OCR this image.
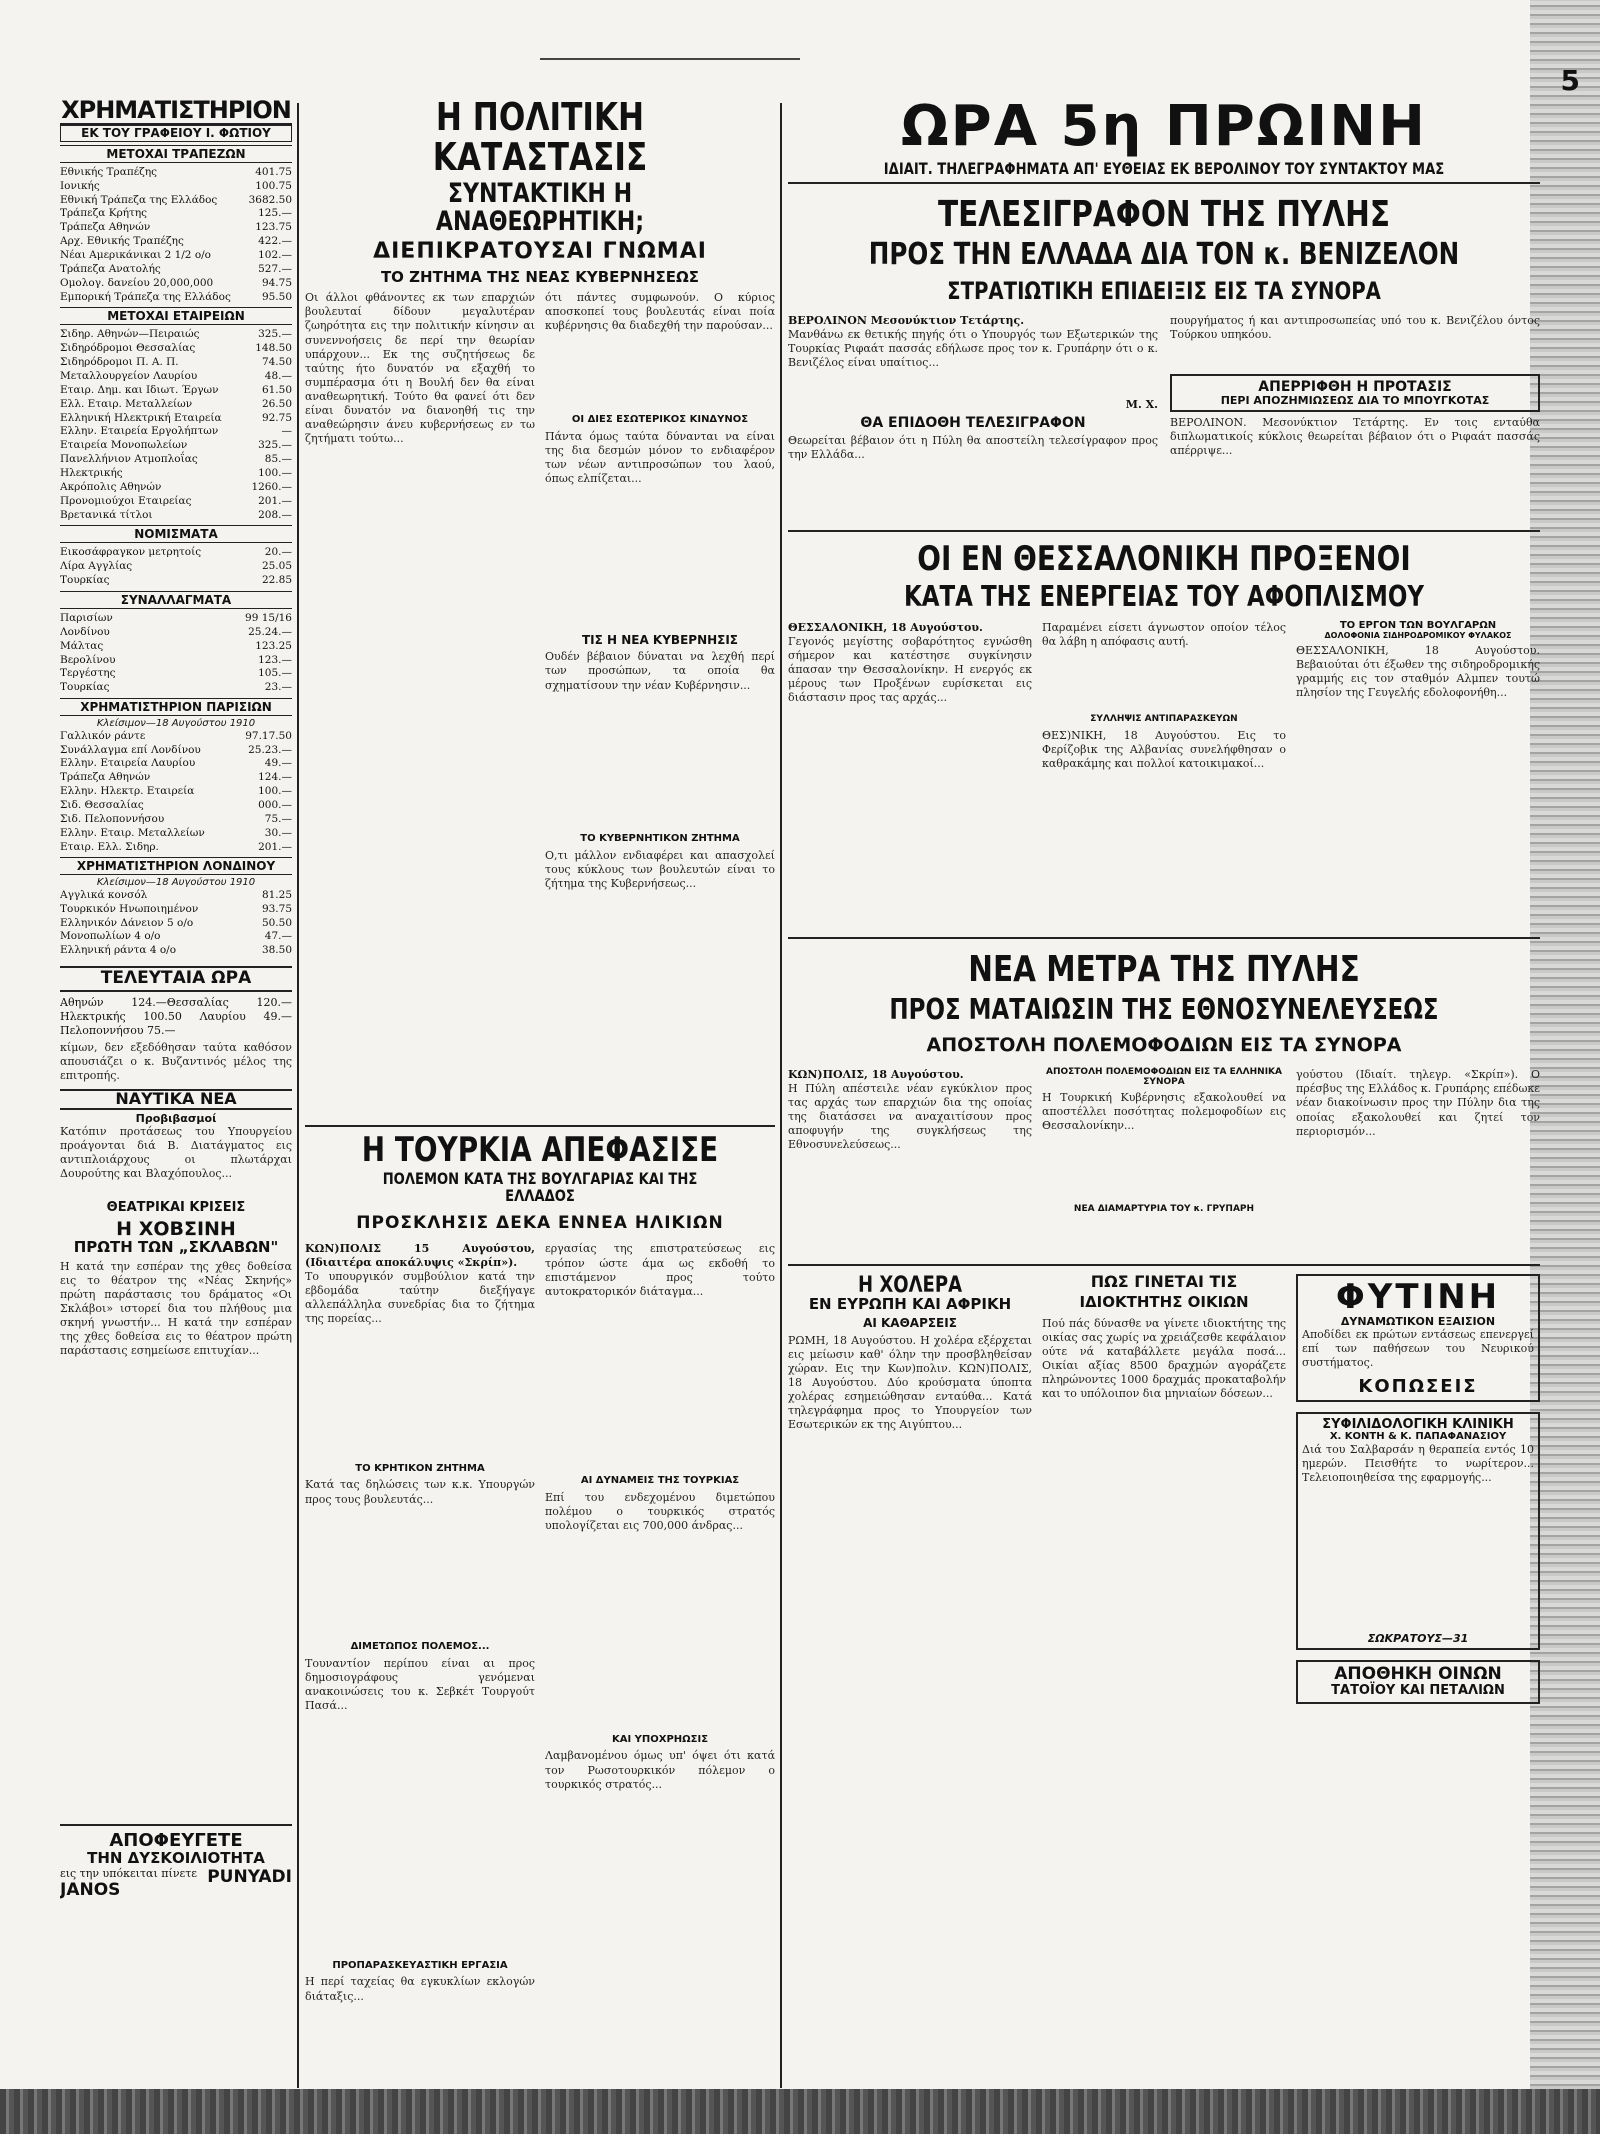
5
ΧΡΗΜΑΤΙΣΤΗΡΙΟΝ
ΕΚ ΤΟΥ ΓΡΑΦΕΙΟΥ Ι. ΦΩΤΙΟΥ
ΜΕΤΟΧΑΙ ΤΡΑΠΕΖΩΝ
Εθνικής Τραπέζης	401.75
Ιονικής	100.75
Εθνική Τράπεζα της Ελλάδος	3682.50
Τράπεζα Κρήτης	125.—
Τράπεζα Αθηνών	123.75
Αρχ. Εθνικής Τραπέζης	422.—
Νέαι Αμερικάνικαι 2 1/2 ο/ο	102.—
Τράπεζα Ανατολής	527.—
Ομολογ. δανείου 20,000,000	94.75
Εμπορική Τράπεζα της Ελλάδος	95.50
ΜΕΤΟΧΑΙ ΕΤΑΙΡΕΙΩΝ
Σιδηρ. Αθηνών—Πειραιώς	325.—
Σιδηρόδρομοι Θεσσαλίας	148.50
Σιδηρόδρομοι Π. Α. Π.	74.50
Μεταλλουργείον Λαυρίου	48.—
Εταιρ. Δημ. και Ιδιωτ. Έργων	61.50
Ελλ. Εταιρ. Μεταλλείων	26.50
Ελληνική Ηλεκτρική Εταιρεία	92.75
Ελλην. Εταιρεία Εργολήπτων	—
Εταιρεία Μονοπωλείων	325.—
Πανελλήνιον Ατμοπλοΐας	85.—
Ηλεκτρικής	100.—
Ακρόπολις Αθηνών	1260.—
Προνομιούχοι Εταιρείας	201.—
Βρετανικά τίτλοι	208.—
ΝΟΜΙΣΜΑΤΑ
Εικοσάφραγκον μετρητοίς	20.—
Λίρα Αγγλίας	25.05
Τουρκίας	22.85
ΣΥΝΑΛΛΑΓΜΑΤΑ
Παρισίων	99 15/16
Λονδίνου	25.24.—
Μάλτας	123.25
Βερολίνου	123.—
Τεργέστης	105.—
Τουρκίας	23.—
ΧΡΗΜΑΤΙΣΤΗΡΙΟΝ ΠΑΡΙΣΙΩΝ
Κλείσιμον—18 Αυγούστου 1910
Γαλλικόν ράντε	97.17.50
Συνάλλαγμα επί Λονδίνου	25.23.—
Ελλην. Εταιρεία Λαυρίου	49.—
Τράπεζα Αθηνών	124.—
Ελλην. Ηλεκτρ. Εταιρεία	100.—
Σιδ. Θεσσαλίας	000.—
Σιδ. Πελοποννήσου	75.—
Ελλην. Εταιρ. Μεταλλείων	30.—
Εταιρ. Ελλ. Σιδηρ.	201.—
ΧΡΗΜΑΤΙΣΤΗΡΙΟΝ ΛΟΝΔΙΝΟΥ
Κλείσιμον—18 Αυγούστου 1910
Αγγλικά κονσόλ	81.25
Τουρκικόν Ηνωποιημένον	93.75
Ελληνικόν Δάνειον 5 ο/ο	50.50
Μονοπωλίων 4 ο/ο	47.—
Ελληνική ράντα 4 ο/ο	38.50
ΤΕΛΕΥΤΑΙΑ ΩΡΑ
Αθηνών 124.—Θεσσαλίας 120.—Ηλεκτρικής 100.50 Λαυρίου 49.— Πελοποννήσου 75.—
κίμων, δεν εξεδόθησαν ταύτα καθόσον απουσιάζει ο κ. Βυζαντινός μέλος της επιτροπής.
ΝΑΥΤΙΚΑ ΝΕΑ
Προβιβασμοί
Κατόπιν προτάσεως του Υπουργείου προάγονται διά Β. Διατάγματος εις αντιπλοιάρχους οι πλωτάρχαι Δουρούτης και Βλαχόπουλος...
ΘΕΑΤΡΙΚΑΙ ΚΡΙΣΕΙΣ
Η ΧΟΒΣΙΝΗ
ΠΡΩΤΗ ΤΩΝ „ΣΚΛΑΒΩΝ"
Η κατά την εσπέραν της χθες δοθείσα εις το θέατρον της «Νέας Σκηνής» πρώτη παράστασις του δράματος «Οι Σκλάβοι» ιστορεί δια του πλήθους μια σκηνή γνωστήν... Η κατά την εσπέραν της χθες δοθείσα εις το θέατρον πρώτη παράστασις εσημείωσε επιτυχίαν...
ΑΠΟΦΕΥΓΕΤΕ
ΤΗΝ ΔΥΣΚΟΙΛΙΟΤΗΤΑ
PUNYADI
εις την υπόκειται πίνετε
JANOS
Η ΠΟΛΙΤΙΚΗ ΚΑΤΑΣΤΑΣΙΣ
ΣΥΝΤΑΚΤΙΚΗ Η ΑΝΑΘΕΩΡΗΤΙΚΗ;
ΔΙΕΠΙΚΡΑΤΟΥΣΑΙ ΓΝΩΜΑΙ
ΤΟ ΖΗΤΗΜΑ ΤΗΣ ΝΕΑΣ ΚΥΒΕΡΝΗΣΕΩΣ
Οι άλλοι φθάνοντες εκ των επαρχιών βουλευταί δίδουν μεγαλυτέραν ζωηρότητα εις την πολιτικήν κίνησιν αι συνεννοήσεις δε περί την θεωρίαν υπάρχουν... Εκ της συζητήσεως δε ταύτης ήτο δυνατόν να εξαχθή το συμπέρασμα ότι η Βουλή δεν θα είναι αναθεωρητική. Τούτο θα φανεί ότι δεν είναι δυνατόν να διανοηθή τις την αναθεώρησιν άνευ κυβερνήσεως εν τω ζητήματι τούτω...
ότι πάντες συμφωνούν. Ο κύριος αποσκοπεί τους βουλευτάς είναι ποία κυβέρνησις θα διαδεχθή την παρούσαν...
ΟΙ ΔΙΕΣ ΕΣΩΤΕΡΙΚΟΣ ΚΙΝΔΥΝΟΣ
Πάντα όμως ταύτα δύνανται να είναι της δια δεσμών μόνον το ενδιαφέρον των νέων αντιπροσώπων του λαού, όπως ελπίζεται...
ΤΙΣ Η ΝΕΑ ΚΥΒΕΡΝΗΣΙΣ
Ουδέν βέβαιον δύναται να λεχθή περί των προσώπων, τα οποία θα σχηματίσουν την νέαν Κυβέρνησιν...
ΤΟ ΚΥΒΕΡΝΗΤΙΚΟΝ ΖΗΤΗΜΑ
Ο,τι μάλλον ενδιαφέρει και απασχολεί τους κύκλους των βουλευτών είναι το ζήτημα της Κυβερνήσεως...
Η ΤΟΥΡΚΙΑ ΑΠΕΦΑΣΙΣΕ
ΠΟΛΕΜΟΝ ΚΑΤΑ ΤΗΣ ΒΟΥΛΓΑΡΙΑΣ ΚΑΙ ΤΗΣ ΕΛΛΑΔΟΣ
ΠΡΟΣΚΛΗΣΙΣ ΔΕΚΑ ΕΝΝΕΑ ΗΛΙΚΙΩΝ
ΚΩΝ)ΠΟΛΙΣ 15 Αυγούστου, (Ιδιαιτέρα αποκάλυψις «Σκρίπ»).
Το υπουργικόν συμβούλιον κατά την εβδομάδα ταύτην διεξήγαγε αλλεπάλληλα συνεδρίας δια το ζήτημα της πορείας...
ΤΟ ΚΡΗΤΙΚΟΝ ΖΗΤΗΜΑ
Κατά τας δηλώσεις των κ.κ. Υπουργών προς τους βουλευτάς...
ΔΙΜΕΤΩΠΟΣ ΠΟΛΕΜΟΣ...
Τουναντίον περίπου είναι αι προς δημοσιογράφους γενόμεναι ανακοινώσεις του κ. Σεβκέτ Τουργούτ Πασά...
ΠΡΟΠΑΡΑΣΚΕΥΑΣΤΙΚΗ ΕΡΓΑΣΙΑ
Η περί ταχείας θα εγκυκλίων εκλογών διάταξις...
εργασίας της επιστρατεύσεως εις τρόπον ώστε άμα ως εκδοθή το επιστάμενον προς τούτο αυτοκρατορικόν διάταγμα...
ΑΙ ΔΥΝΑΜΕΙΣ ΤΗΣ ΤΟΥΡΚΙΑΣ
Επί του ενδεχομένου διμετώπου πολέμου ο τουρκικός στρατός υπολογίζεται εις 700,000 άνδρας...
ΚΑΙ ΥΠΟΧΡΗΩΣΙΣ
Λαμβανομένου όμως υπ' όψει ότι κατά τον Ρωσοτουρκικόν πόλεμον ο τουρκικός στρατός...
ΩΡΑ 5η ΠΡΩΙΝΗ
ΙΔΙΑΙΤ. ΤΗΛΕΓΡΑΦΗΜΑΤΑ ΑΠ' ΕΥΘΕΙΑΣ ΕΚ ΒΕΡΟΛΙΝΟΥ ΤΟΥ ΣΥΝΤΑΚΤΟΥ ΜΑΣ
ΤΕΛΕΣΙΓΡΑΦΟΝ ΤΗΣ ΠΥΛΗΣ
ΠΡΟΣ ΤΗΝ ΕΛΛΑΔΑ ΔΙΑ ΤΟΝ κ. ΒΕΝΙΖΕΛΟΝ
ΣΤΡΑΤΙΩΤΙΚΗ ΕΠΙΔΕΙΞΙΣ ΕΙΣ ΤΑ ΣΥΝΟΡΑ
ΒΕΡΟΛΙΝΟΝ Μεσονύκτιον Τετάρτης.
Μανθάνω εκ θετικής πηγής ότι ο Υπουργός των Εξωτερικών της Τουρκίας Ριφαάτ πασσάς εδήλωσε προς τον κ. Γρυπάρην ότι ο κ. Βενιζέλος είναι υπαίτιος...
Μ. Χ.
ΘΑ ΕΠΙΔΟΘΗ ΤΕΛΕΣΙΓΡΑΦΟΝ
Θεωρείται βέβαιον ότι η Πύλη θα αποστείλη τελεσίγραφον προς την Ελλάδα...
πουργήματος ή και αντιπροσωπείας υπό του κ. Βενιζέλου όντος Τούρκου υπηκόου.
ΑΠΕΡΡΙΦΘΗ Η ΠΡΟΤΑΣΙΣ
ΠΕΡΙ ΑΠΟΖΗΜΙΩΣΕΩΣ ΔΙΑ ΤΟ ΜΠΟΥΓΚΟΤΑΣ
ΒΕΡΟΛΙΝΟΝ. Μεσονύκτιον Τετάρτης. Εν τοις ενταύθα διπλωματικοίς κύκλοις θεωρείται βέβαιον ότι ο Ριφαάτ πασσάς απέρριψε...
ΟΙ ΕΝ ΘΕΣΣΑΛΟΝΙΚΗ ΠΡΟΞΕΝΟΙ
ΚΑΤΑ ΤΗΣ ΕΝΕΡΓΕΙΑΣ ΤΟΥ ΑΦΟΠΛΙΣΜΟΥ
ΘΕΣΣΑΛΟΝΙΚΗ, 18 Αυγούστου.
Γεγονός μεγίστης σοβαρότητος εγνώσθη σήμερον και κατέστησε συγκίνησιν άπασαν την Θεσσαλονίκην. Η ενεργός εκ μέρους των Προξένων ευρίσκεται εις διάστασιν προς τας αρχάς...
Παραμένει είσετι άγνωστον οποίον τέλος θα λάβη η απόφασις αυτή.
ΣΥΛΛΗΨΙΣ ΑΝΤΙΠΑΡΑΣΚΕΥΩΝ
ΘΕΣ)ΝΙΚΗ, 18 Αυγούστου. Εις το Φερίζοβικ της Αλβανίας συνελήφθησαν ο καθρακάμης και πολλοί κατοικιμακοί...
ΤΟ ΕΡΓΟΝ ΤΩΝ ΒΟΥΛΓΑΡΩΝ
ΔΟΛΟΦΟΝΙΑ ΣΙΔΗΡΟΔΡΟΜΙΚΟΥ ΦΥΛΑΚΟΣ
ΘΕΣΣΑΛΟΝΙΚΗ, 18 Αυγούστου. Βεβαιούται ότι έξωθεν της σιδηροδρομικής γραμμής εις τον σταθμόν Αλμπεν τουτώ πλησίον της Γευγελής εδολοφονήθη...
ΝΕΑ ΜΕΤΡΑ ΤΗΣ ΠΥΛΗΣ
ΠΡΟΣ ΜΑΤΑΙΩΣΙΝ ΤΗΣ ΕΘΝΟΣΥΝΕΛΕΥΣΕΩΣ
ΑΠΟΣΤΟΛΗ ΠΟΛΕΜΟΦΟΔΙΩΝ ΕΙΣ ΤΑ ΣΥΝΟΡΑ
ΚΩΝ)ΠΟΛΙΣ, 18 Αυγούστου.
Η Πύλη απέστειλε νέαν εγκύκλιον προς τας αρχάς των επαρχιών δια της οποίας της διατάσσει να αναχαιτίσουν προς αποφυγήν της συγκλήσεως της Εθνοσυνελεύσεως...
ΑΠΟΣΤΟΛΗ ΠΟΛΕΜΟΦΟΔΙΩΝ ΕΙΣ ΤΑ ΕΛΛΗΝΙΚΑ ΣΥΝΟΡΑ
Η Τουρκική Κυβέρνησις εξακολουθεί να αποστέλλει ποσότητας πολεμοφοδίων εις Θεσσαλονίκην...
ΝΕΑ ΔΙΑΜΑΡΤΥΡΙΑ ΤΟΥ κ. ΓΡΥΠΑΡΗ
γούστου (Ιδιαίτ. τηλεγρ. «Σκρίπ»). Ο πρέσβυς της Ελλάδος κ. Γρυπάρης επέδωκε νέαν διακοίνωσιν προς την Πύλην δια της οποίας εξακολουθεί και ζητεί τον περιορισμόν...
Η ΧΟΛΕΡΑ
ΕΝ ΕΥΡΩΠΗ ΚΑΙ ΑΦΡΙΚΗ
ΑΙ ΚΑΘΑΡΣΕΙΣ
ΡΩΜΗ, 18 Αυγούστου. Η χολέρα εξέρχεται εις μείωσιν καθ' όλην την προσβληθείσαν χώραν. Εις την Κων)πολιν. ΚΩΝ)ΠΟΛΙΣ, 18 Αυγούστου. Δύο κρούσματα ύποπτα χολέρας εσημειώθησαν ενταύθα... Κατά τηλεγράφημα προς το Υπουργείον των Εσωτερικών εκ της Αιγύπτου...
ΠΩΣ ΓΙΝΕΤΑΙ ΤΙΣ
ΙΔΙΟΚΤΗΤΗΣ ΟΙΚΙΩΝ
Πού πάς δύνασθε να γίνετε ιδιοκτήτης της οικίας σας χωρίς να χρειάζεσθε κεφάλαιον ούτε νά καταβάλλετε μεγάλα ποσά... Οικίαι αξίας 8500 δραχμών αγοράζετε πληρώνοντες 1000 δραχμάς προκαταβολήν και το υπόλοιπον δια μηνιαίων δόσεων...
ΦΥΤΙΝΗ
ΔΥΝΑΜΩΤΙΚΟΝ ΕΞΑΙΣΙΟΝ
Αποδίδει εκ πρώτων εντάσεως επενεργεί επί των παθήσεων του Νευρικού συστήματος.
ΚΟΠΩΣΕΙΣ
ΣΥΦΙΛΙΔΟΛΟΓΙΚΗ ΚΛΙΝΙΚΗ
Χ. ΚΟΝΤΗ & Κ. ΠΑΠΑΦΑΝΑΣΙΟΥ
Διά του Σαλβαρσάν η θεραπεία εντός 10 ημερών. Πεισθήτε το νωρίτερον... Τελειοποιηθείσα της εφαρμογής...
ΣΩΚΡΑΤΟΥΣ—31
ΑΠΟΘΗΚΗ ΟΙΝΩΝ
ΤΑΤΟΪΟΥ ΚΑΙ ΠΕΤΑΛΙΩΝ
